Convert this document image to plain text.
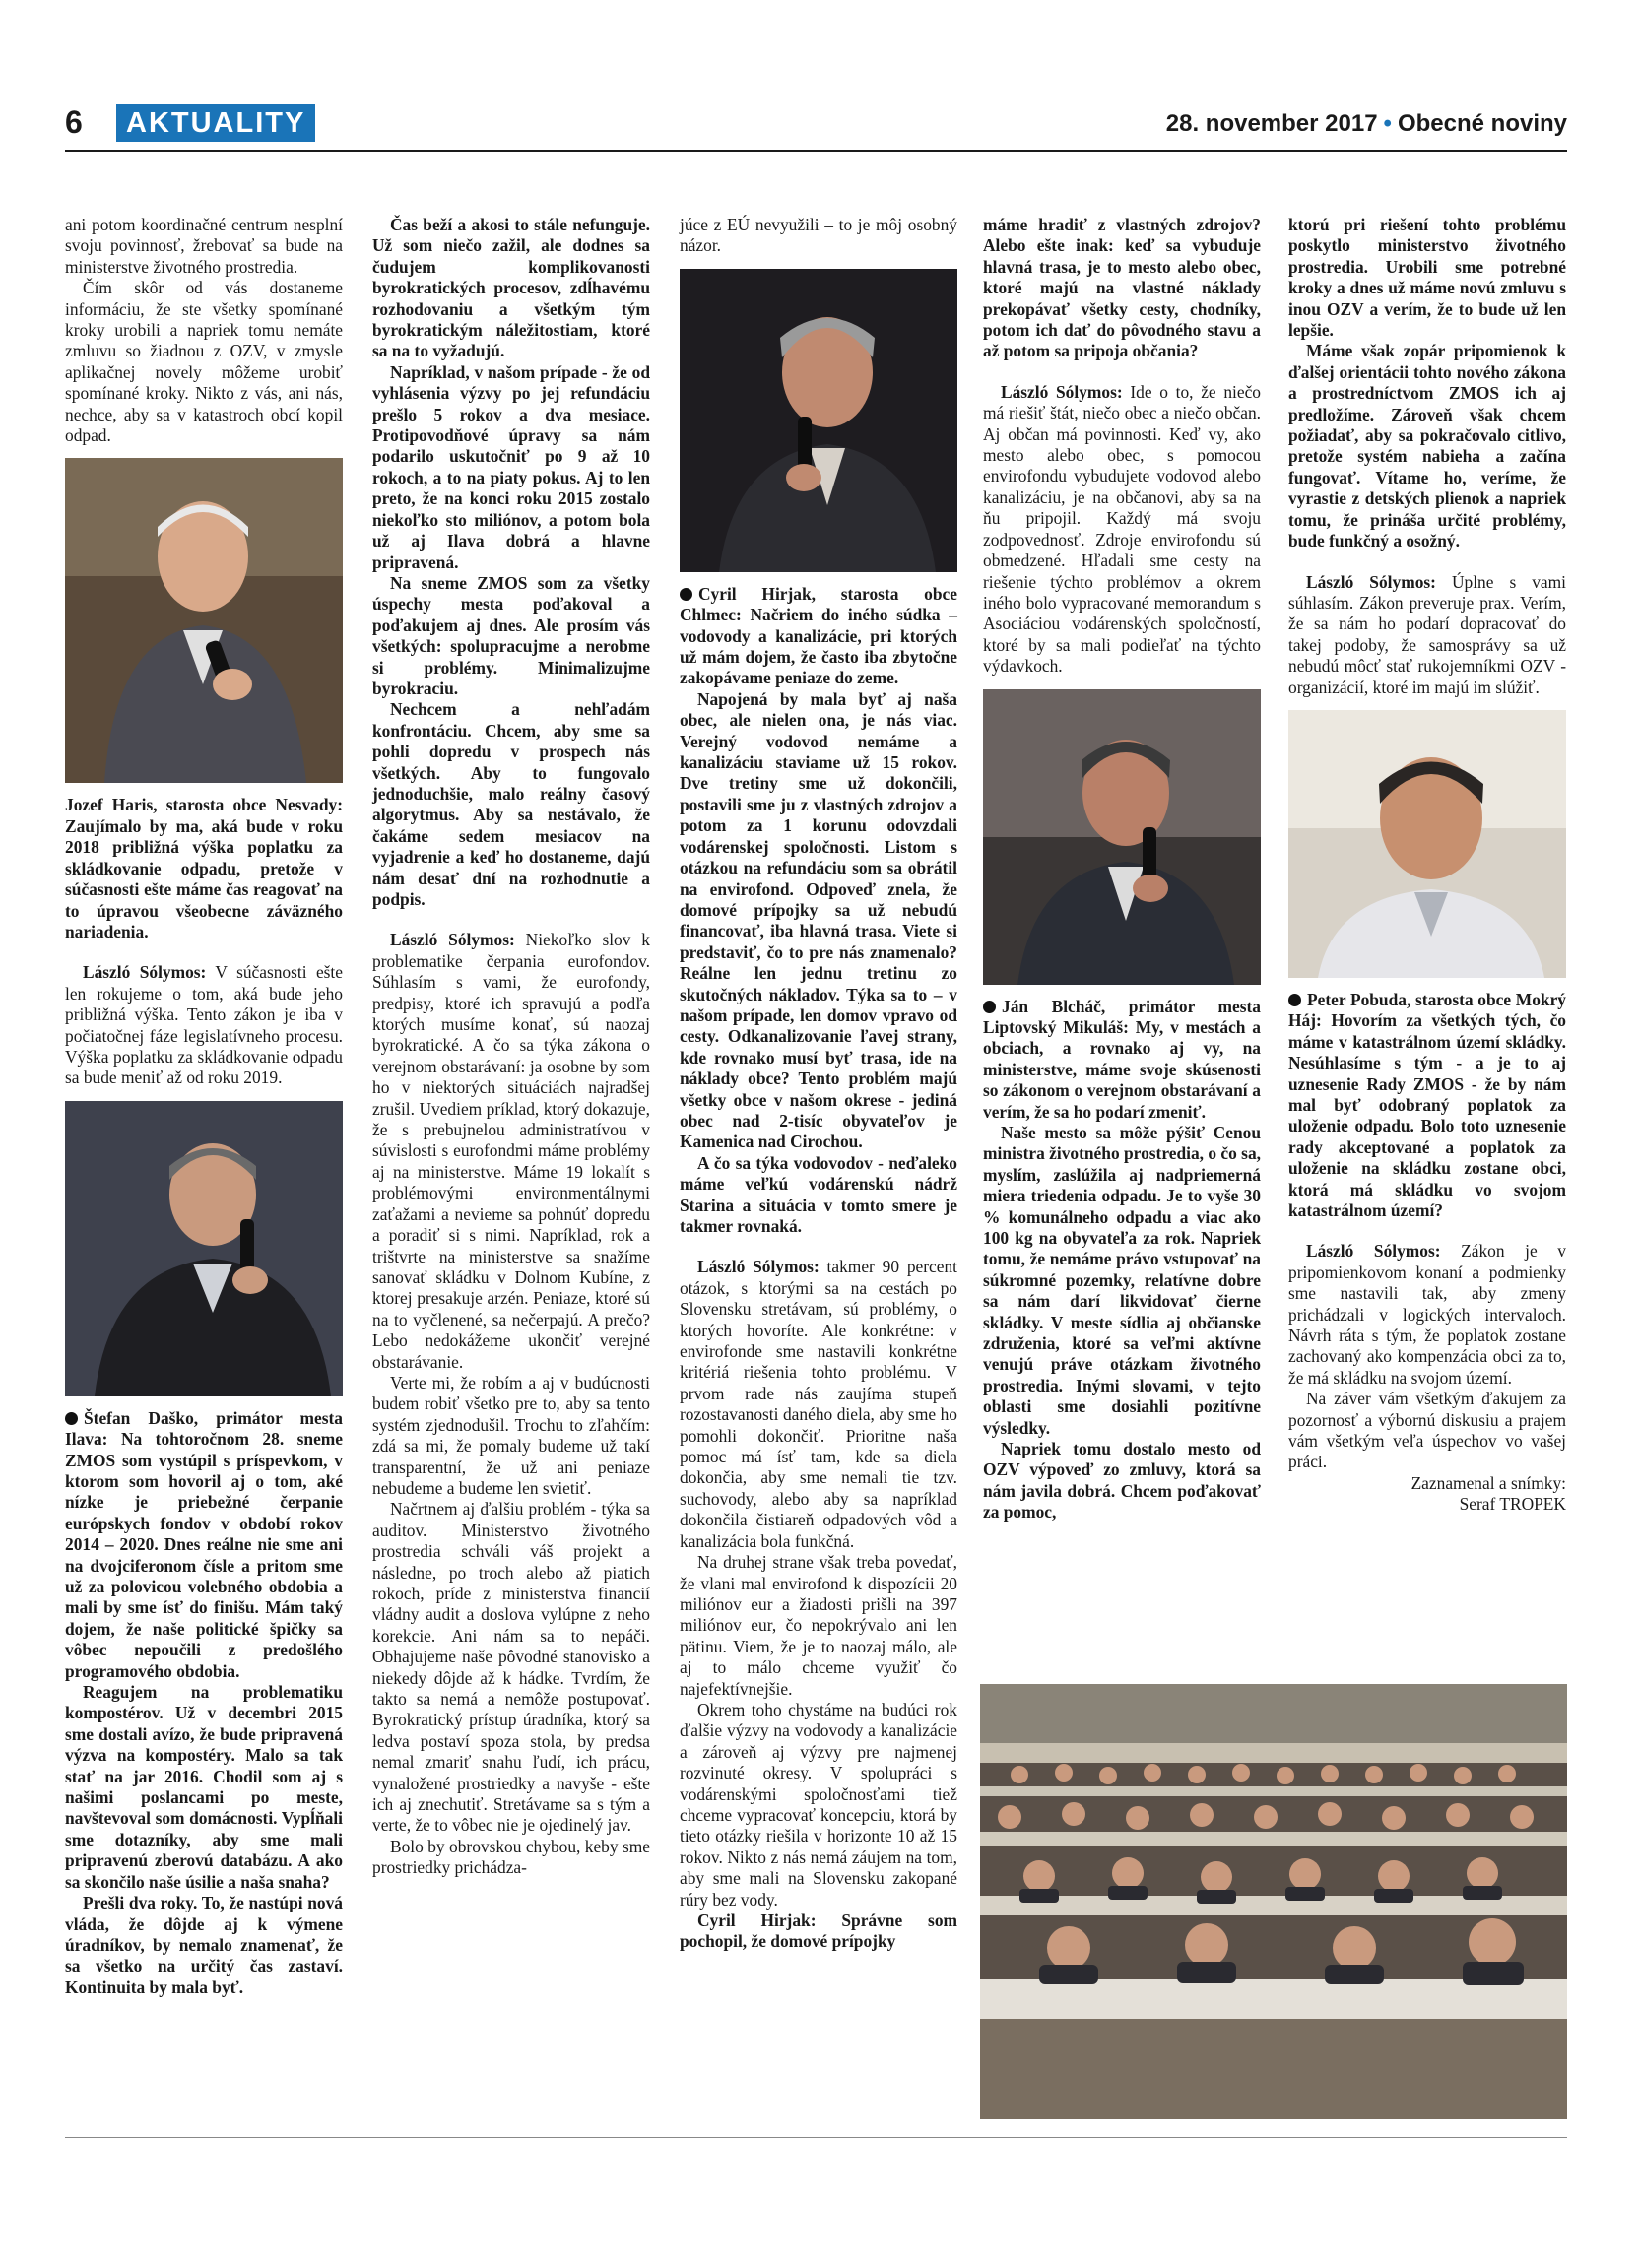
6	AKTUALITY	28. november 2017 • Obecné noviny

ani potom koordinačné centrum nesplní svoju povinnosť, žrebovať sa bude na ministerstve životného prostredia.

Čím skôr od vás dostaneme informáciu, že ste všetky spomínané kroky urobili a napriek tomu nemáte zmluvu so žiadnou z OZV, v zmysle aplikačnej novely môžeme urobiť spomínané kroky. Nikto z vás, ani nás, nechce, aby sa v katastroch obcí kopil odpad.

Jozef Haris, starosta obce Nesvady: Zaujímalo by ma, aká bude v roku 2018 približná výška poplatku za skládkovanie odpadu, pretože v súčasnosti ešte máme čas reagovať na to úpravou všeobecne záväzného nariadenia.

László Sólymos: V súčasnosti ešte len rokujeme o tom, aká bude jeho približná výška. Tento zákon je iba v počiatočnej fáze legislatívneho procesu. Výška poplatku za skládkovanie odpadu sa bude meniť až od roku 2019.

Štefan Daško, primátor mesta Ilava: Na tohtoročnom 28. sneme ZMOS som vystúpil s príspevkom, v ktorom som hovoril aj o tom, aké nízke je priebežné čerpanie európskych fondov v období rokov 2014 – 2020. Dnes reálne nie sme ani na dvojciferonom čísle a pritom sme už za polovicou volebného obdobia a mali by sme ísť do finišu. Mám taký dojem, že naše politické špičky sa vôbec nepoučili z predošlého programového obdobia.

Reagujem na problematiku kompostérov. Už v decembri 2015 sme dostali avízo, že bude pripravená výzva na kompostéry. Malo sa tak stať na jar 2016. Chodil som aj s našimi poslancami po meste, navštevoval som domácnosti. Vypĺňali sme dotazníky, aby sme mali pripravenú zberovú databázu. A ako sa skončilo naše úsilie a naša snaha?

Prešli dva roky. To, že nastúpi nová vláda, že dôjde aj k výmene úradníkov, by nemalo znamenať, že sa všetko na určitý čas zastaví. Kontinuita by mala byť.

Čas beží a akosi to stále nefunguje. Už som niečo zažil, ale dodnes sa čudujem komplikovanosti byrokratických procesov, zdĺhavému rozhodovaniu a všetkým tým byrokratickým náležitostiam, ktoré sa na to vyžadujú.

Napríklad, v našom prípade - že od vyhlásenia výzvy po jej refundáciu prešlo 5 rokov a dva mesiace. Protipovodňové úpravy sa nám podarilo uskutočniť po 9 až 10 rokoch, a to na piaty pokus. Aj to len preto, že na konci roku 2015 zostalo niekoľko sto miliónov, a potom bola už aj Ilava dobrá a hlavne pripravená.

Na sneme ZMOS som za všetky úspechy mesta poďakoval a poďakujem aj dnes. Ale prosím vás všetkých: spolupracujme a nerobme si problémy. Minimalizujme byrokraciu.

Nechcem a nehľadám konfrontáciu. Chcem, aby sme sa pohli dopredu v prospech nás všetkých. Aby to fungovalo jednoduchšie, malo reálny časový algorytmus. Aby sa nestávalo, že čakáme sedem mesiacov na vyjadrenie a keď ho dostaneme, dajú nám desať dní na rozhodnutie a podpis.

László Sólymos: Niekoľko slov k problematike čerpania eurofondov. Súhlasím s vami, že eurofondy, predpisy, ktoré ich spravujú a podľa ktorých musíme konať, sú naozaj byrokratické. A čo sa týka zákona o verejnom obstarávaní: ja osobne by som ho v niektorých situáciách najradšej zrušil. Uvediem príklad, ktorý dokazuje, že s prebujnelou administratívou v súvislosti s eurofondmi máme problémy aj na ministerstve. Máme 19 lokalít s problémovými environmentálnymi zaťažami a nevieme sa pohnúť dopredu a poradiť si s nimi. Napríklad, rok a trištvrte na ministerstve sa snažíme sanovať skládku v Dolnom Kubíne, z ktorej presakuje arzén. Peniaze, ktoré sú na to vyčlenené, sa nečerpajú. A prečo? Lebo nedokážeme ukončiť verejné obstarávanie.

Verte mi, že robím a aj v budúcnosti budem robiť všetko pre to, aby sa tento systém zjednodušil. Trochu to zľahčím: zdá sa mi, že pomaly budeme už takí transparentní, že už ani peniaze nebudeme a budeme len svietiť.

Načrtnem aj ďalšiu problém - týka sa auditov. Ministerstvo životného prostredia schváli váš projekt a následne, po troch alebo až piatich rokoch, príde z ministerstva financií vládny audit a doslova vylúpne z neho korekcie. Ani nám sa to nepáči. Obhajujeme naše pôvodné stanovisko a niekedy dôjde až k hádke. Tvrdím, že takto sa nemá a nemôže postupovať. Byrokratický prístup úradníka, ktorý sa ledva postaví spoza stola, by predsa nemal zmariť snahu ľudí, ich prácu, vynaložené prostriedky a navyše - ešte ich aj znechutiť. Stretávame sa s tým a verte, že to vôbec nie je ojedinelý jav.

Bolo by obrovskou chybou, keby sme prostriedky prichádza-

júce z EÚ nevyužili – to je môj osobný názor.

Cyril Hirjak, starosta obce Chlmec: Načriem do iného súdka – vodovody a kanalizácie, pri ktorých už mám dojem, že často iba zbytočne zakopávame peniaze do zeme.

Napojená by mala byť aj naša obec, ale nielen ona, je nás viac. Verejný vodovod nemáme a kanalizáciu staviame už 15 rokov. Dve tretiny sme už dokončili, postavili sme ju z vlastných zdrojov a potom za 1 korunu odovzdali vodárenskej spoločnosti. Listom s otázkou na refundáciu som sa obrátil na envirofond. Odpoveď znela, že domové prípojky sa už nebudú financovať, iba hlavná trasa. Viete si predstaviť, čo to pre nás znamenalo? Reálne len jednu tretinu zo skutočných nákladov. Týka sa to – v našom prípade, len domov vpravo od cesty. Odkanalizovanie ľavej strany, kde rovnako musí byť trasa, ide na náklady obce? Tento problém majú všetky obce v našom okrese - jediná obec nad 2-tisíc obyvateľov je Kamenica nad Cirochou.

A čo sa týka vodovodov - neďaleko máme veľkú vodárenskú nádrž Starina a situácia v tomto smere je takmer rovnaká.

László Sólymos: takmer 90 percent otázok, s ktorými sa na cestách po Slovensku stretávam, sú problémy, o ktorých hovoríte. Ale konkrétne: v envirofonde sme nastavili konkrétne kritériá riešenia tohto problému. V prvom rade nás zaujíma stupeň rozostavanosti daného diela, aby sme ho pomohli dokončiť. Prioritne naša pomoc má ísť tam, kde sa diela dokončia, aby sme nemali tie tzv. suchovody, alebo aby sa napríklad dokončila čistiareň odpadových vôd a kanalizácia bola funkčná.

Na druhej strane však treba povedať, že vlani mal envirofond k dispozícii 20 miliónov eur a žiadosti prišli na 397 miliónov eur, čo nepokrývalo ani len pätinu. Viem, že je to naozaj málo, ale aj to málo chceme využiť čo najefektívnejšie.

Okrem toho chystáme na budúci rok ďalšie výzvy na vodovody a kanalizácie a zároveň aj výzvy pre najmenej rozvinuté okresy. V spolupráci s vodárenskými spoločnosťami tiež chceme vypracovať koncepciu, ktorá by tieto otázky riešila v horizonte 10 až 15 rokov. Nikto z nás nemá záujem na tom, aby sme mali na Slovensku zakopané rúry bez vody.

Cyril Hirjak: Správne som pochopil, že domové prípojky

máme hradiť z vlastných zdrojov? Alebo ešte inak: keď sa vybuduje hlavná trasa, je to mesto alebo obec, ktoré majú na vlastné náklady prekopávať všetky cesty, chodníky, potom ich dať do pôvodného stavu a až potom sa pripoja občania?

László Sólymos: Ide o to, že niečo má riešiť štát, niečo obec a niečo občan. Aj občan má povinnosti. Keď vy, ako mesto alebo obec, s pomocou envirofondu vybudujete vodovod alebo kanalizáciu, je na občanovi, aby sa na ňu pripojil. Každý má svoju zodpovednosť. Zdroje envirofondu sú obmedzené. Hľadali sme cesty na riešenie týchto problémov a okrem iného bolo vypracované memorandum s Asociáciou vodárenských spoločností, ktoré by sa mali podieľať na týchto výdavkoch.

Ján Blcháč, primátor mesta Liptovský Mikuláš: My, v mestách a obciach, a rovnako aj vy, na ministerstve, máme svoje skúsenosti so zákonom o verejnom obstarávaní a verím, že sa ho podarí zmeniť.

Naše mesto sa môže pýšiť Cenou ministra životného prostredia, o čo sa, myslím, zaslúžila aj nadpriemerná miera triedenia odpadu. Je to vyše 30 % komunálneho odpadu a viac ako 100 kg na obyvateľa za rok. Napriek tomu, že nemáme právo vstupovať na súkromné pozemky, relatívne dobre sa nám darí likvidovať čierne skládky. V meste sídlia aj občianske združenia, ktoré sa veľmi aktívne venujú práve otázkam životného prostredia. Inými slovami, v tejto oblasti sme dosiahli pozitívne výsledky.

Napriek tomu dostalo mesto od OZV výpoveď zo zmluvy, ktorá sa nám javila dobrá. Chcem poďakovať za pomoc,

ktorú pri riešení tohto problému poskytlo ministerstvo životného prostredia. Urobili sme potrebné kroky a dnes už máme novú zmluvu s inou OZV a verím, že to bude už len lepšie.

Máme však zopár pripomienok k ďalšej orientácii tohto nového zákona a prostredníctvom ZMOS ich aj predložíme. Zároveň však chcem požiadať, aby sa pokračovalo citlivo, pretože systém nabieha a začína fungovať. Vítame ho, veríme, že vyrastie z detských plienok a napriek tomu, že prináša určité problémy, bude funkčný a osožný.

László Sólymos: Úplne s vami súhlasím. Zákon preveruje prax. Verím, že sa nám ho podarí dopracovať do takej podoby, že samosprávy sa už nebudú môcť stať rukojemníkmi OZV - organizácií, ktoré im majú im slúžiť.

Peter Pobuda, starosta obce Mokrý Háj: Hovorím za všetkých tých, čo máme v katastrálnom území skládky. Nesúhlasíme s tým - a je to aj uznesenie Rady ZMOS - že by nám mal byť odobraný poplatok za uloženie odpadu. Bolo toto uznesenie rady akceptované a poplatok za uloženie na skládku zostane obci, ktorá má skládku vo svojom katastrálnom území?

László Sólymos: Zákon je v pripomienkovom konaní a podmienky sme nastavili tak, aby zmeny prichádzali v logických intervaloch. Návrh ráta s tým, že poplatok zostane zachovaný ako kompenzácia obci za to, že má skládku na svojom území.

Na záver vám všetkým ďakujem za pozornosť a výbornú diskusiu a prajem vám všetkým veľa úspechov vo vašej práci.

Zaznamenal a snímky:

Seraf TROPEK
